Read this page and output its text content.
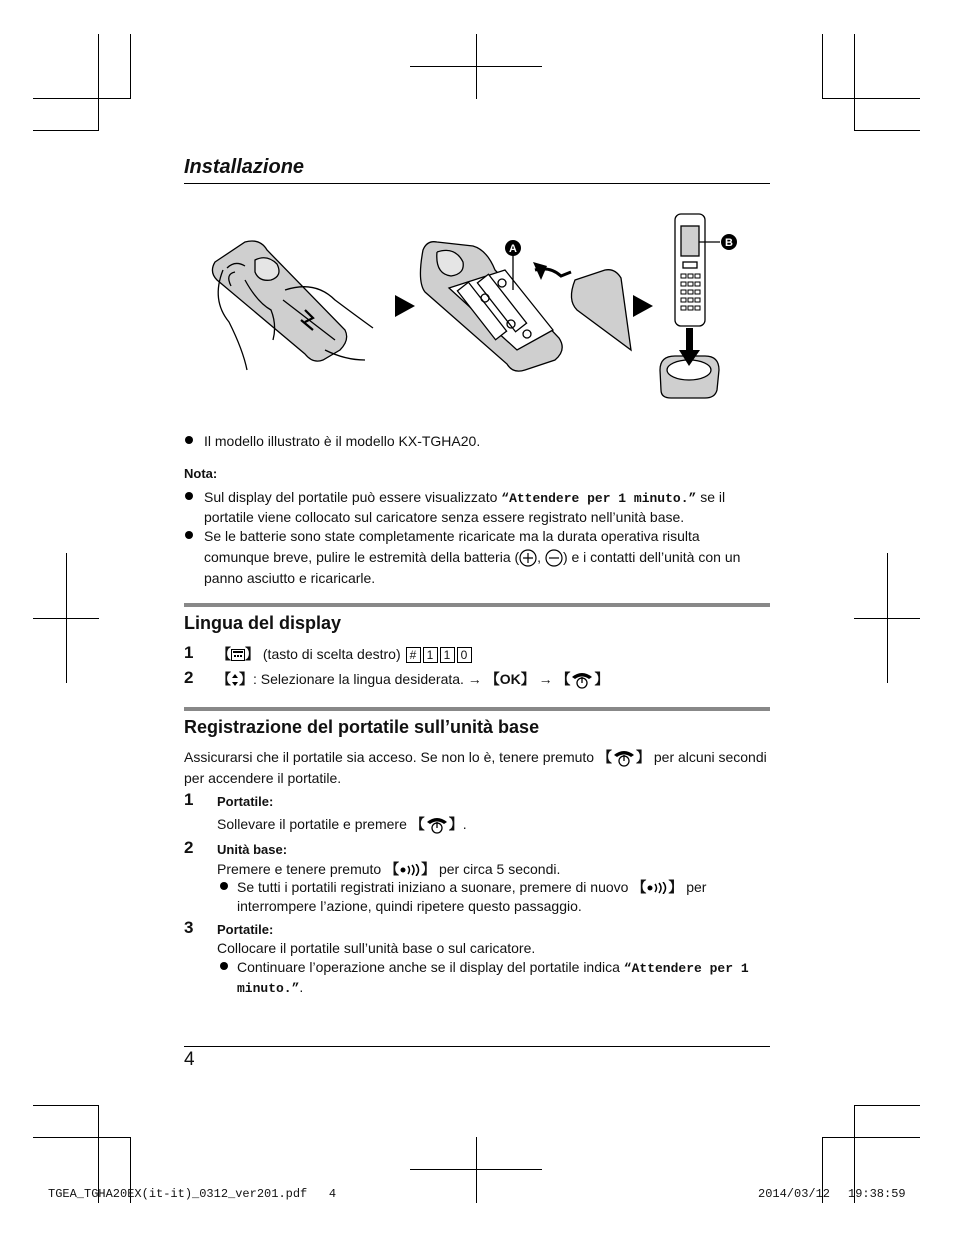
Installazione
A	B
Il modello illustrato è il modello KX-TGHA20.
Nota:
Sul display del portatile può essere visualizzato “Attendere per 1 minuto.” se il
portatile viene collocato sul caricatore senza essere registrato nell’unità base.
Se le batterie sono state completamente ricaricate ma la durata operativa risulta
comunque breve, pulire le estremità della batteria ( , ) e i contatti dell’unità con un
panno asciutto e ricaricarle.
Lingua del display
1 【 】 (tasto di scelta destro) # 1 1 0
2 【 】: Selezionare la lingua desiderata. → 【OK】 → 【 】
Registrazione del portatile sull’unità base
Assicurarsi che il portatile sia acceso. Se non lo è, tenere premuto 【 】 per alcuni secondi
per accendere il portatile.
1 Portatile:
Sollevare il portatile e premere 【 】.
2 Unità base:
Premere e tenere premuto 【 】 per circa 5 secondi.
Se tutti i portatili registrati iniziano a suonare, premere di nuovo 【 】 per
interrompere l’azione, quindi ripetere questo passaggio.
3 Portatile:
Collocare il portatile sull’unità base o sul caricatore.
Continuare l’operazione anche se il display del portatile indica “Attendere per 1
minuto.”.
4
TGEA_TGHA20EX(it-it)_0312_ver201.pdf   4	2014/03/12 19:38:59
